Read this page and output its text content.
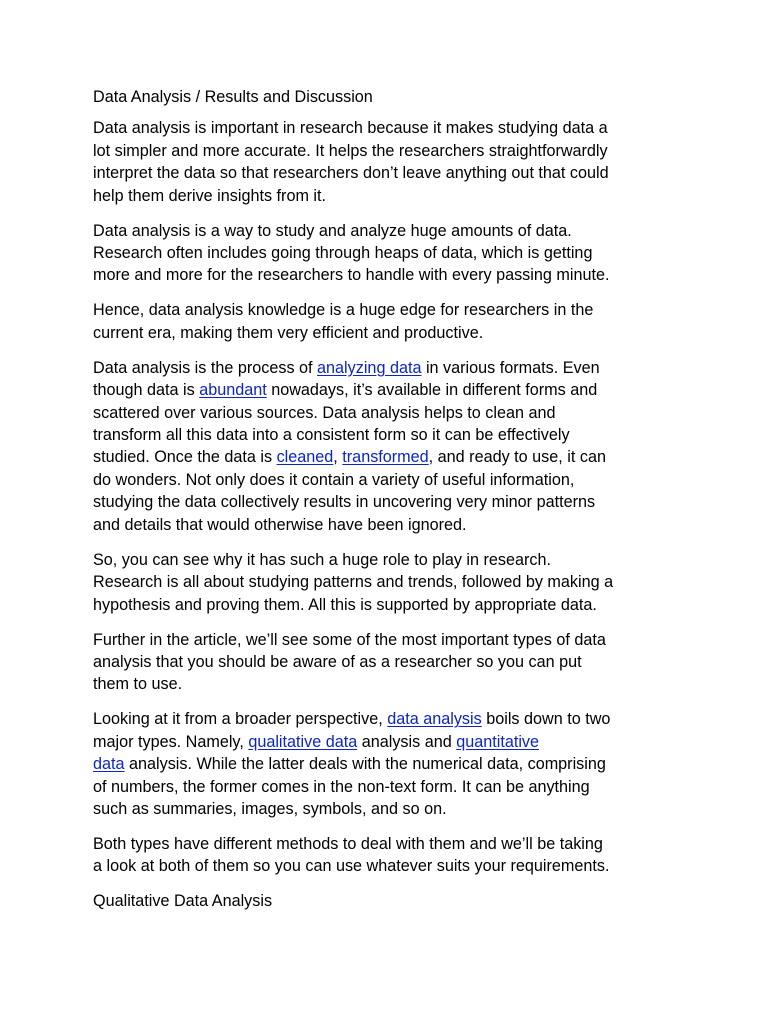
Data Analysis / Results and Discussion

Data analysis is important in research because it makes studying data a
lot simpler and more accurate. It helps the researchers straightforwardly
interpret the data so that researchers don’t leave anything out that could
help them derive insights from it.

Data analysis is a way to study and analyze huge amounts of data.
Research often includes going through heaps of data, which is getting
more and more for the researchers to handle with every passing minute.

Hence, data analysis knowledge is a huge edge for researchers in the
current era, making them very efficient and productive.

Data analysis is the process of analyzing data in various formats. Even
though data is abundant nowadays, it’s available in different forms and
scattered over various sources. Data analysis helps to clean and
transform all this data into a consistent form so it can be effectively
studied. Once the data is cleaned, transformed, and ready to use, it can
do wonders. Not only does it contain a variety of useful information,
studying the data collectively results in uncovering very minor patterns
and details that would otherwise have been ignored.

So, you can see why it has such a huge role to play in research.
Research is all about studying patterns and trends, followed by making a
hypothesis and proving them. All this is supported by appropriate data.

Further in the article, we’ll see some of the most important types of data
analysis that you should be aware of as a researcher so you can put
them to use.

Looking at it from a broader perspective, data analysis boils down to two
major types. Namely, qualitative data analysis and quantitative
data analysis. While the latter deals with the numerical data, comprising
of numbers, the former comes in the non-text form. It can be anything
such as summaries, images, symbols, and so on.

Both types have different methods to deal with them and we’ll be taking
a look at both of them so you can use whatever suits your requirements.

Qualitative Data Analysis
